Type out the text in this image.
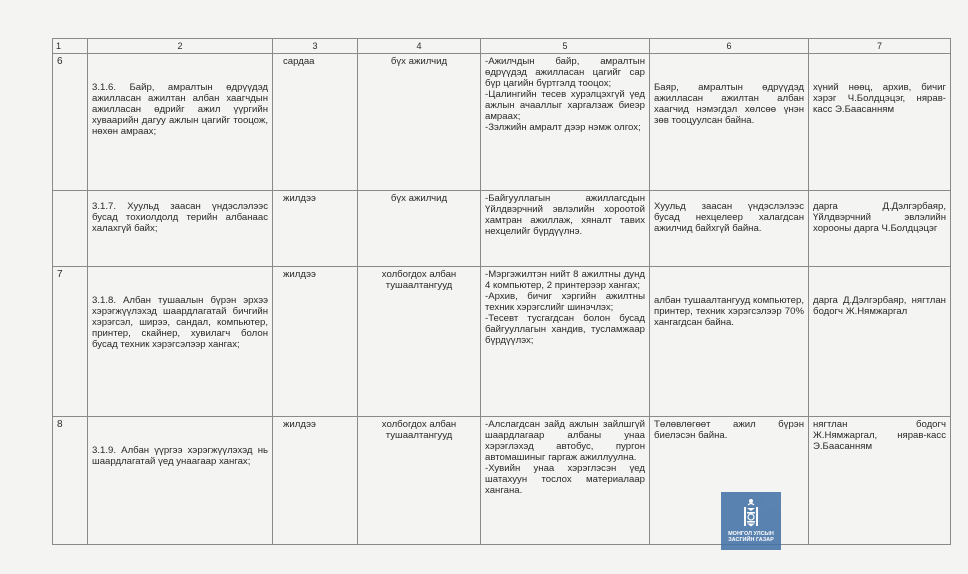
1	2	3	4	5	6	7
6	3.1.6. Байр, амралтын өдрүүдэд ажилласан ажилтан албан хаагчдын ажилласан өдрийг ажил үүргийн хуваарийн дагуу ажлын цагийг тооцож, нөхөн амраах;	сардаа	бүх ажилчид	-Ажилчдын байр, амралтын өдрүүдэд ажилласан цагийг сар бүр цагийн бүртгэлд тооцох;
-Цалингийн тесев хурэлцэхгүй үед ажлын ачааллыг харгалзаж биеэр амраах;
-Зэлжийн амралт дээр нэмж олгох;	Баяр, амралтын өдрүүдэд ажилласан ажилтан албан хаагчид нэмэгдэл хөлсөө үнэн зөв тооцуулсан байна.	хүний нөөц, архив, бичиг хэрэг Ч.Болдцэцэг, нярав-касс Э.Баасанням
	3.1.7. Хуульд заасан үндэслэлээс бусад тохиолдолд терийн албанаас халахгүй байх;	жилдээ	бүх ажилчид	-Байгууллагын ажиллагсдын Үйлдвэрчний эвлэлийн хороотой хамтран ажиллаж, хяналт тавих нехцелийг бүрдүүлнэ.	Хуульд заасан үндэслэлээс бусад нехцелеер халагдсан ажилчид байхгүй байна.	дарга Д.Дэлгэрбаяр, Үйлдвэрчний эвлэлийн хорооны дарга Ч.Болдцэцэг
7	3.1.8. Албан тушаалын бүрэн эрхээ хэрэгжүүлэхэд шаардлагатай бичгийн хэрэгсэл, ширээ, сандал, компьютер, принтер, скайнер, хувилагч болон бусад техник хэрэгсэлээр хангах;	жилдээ	холбогдох албан тушаалтангууд	-Мэргэжилтэн нийт 8 ажилтны дунд 4 компьютер, 2 принтерээр хангах;
-Архив, бичиг хэргийн ажилтны техник хэрэгслийг шинэчлэх;
-Тесевт тусгагдсан болон бусад байгууллагын хандив, тусламжаар бүрдүүлэх;	албан тушаалтангууд компьютер, принтер, техник хэрэгсэлээр 70% хангагдсан байна.	дарга Д.Дэлгэрбаяр, нягтлан бодогч Ж.Нямжаргал
8	3.1.9. Албан үүргээ хэрэгжүүлэхэд нь шаардлагатай үед унаагаар хангах;	жилдээ	холбогдох албан тушаалтангууд	-Алслагдсан зайд ажлын зайлшгүй шаардлагаар албаны унаа хэрэглэхэд автобус, пургон автомашиныг гаргаж ажиллуулна.
-Хувийн унаа хэрэглэсэн үед шатахуун тослох материалаар хангана.	Төлөвлөгөөт ажил бүрэн биелэсэн байна.	нягтлан бодогч Ж.Нямжаргал, нярав-касс Э.Баасанням
МОНГОЛ УЛСЫН
ЗАСГИЙН ГАЗАР
